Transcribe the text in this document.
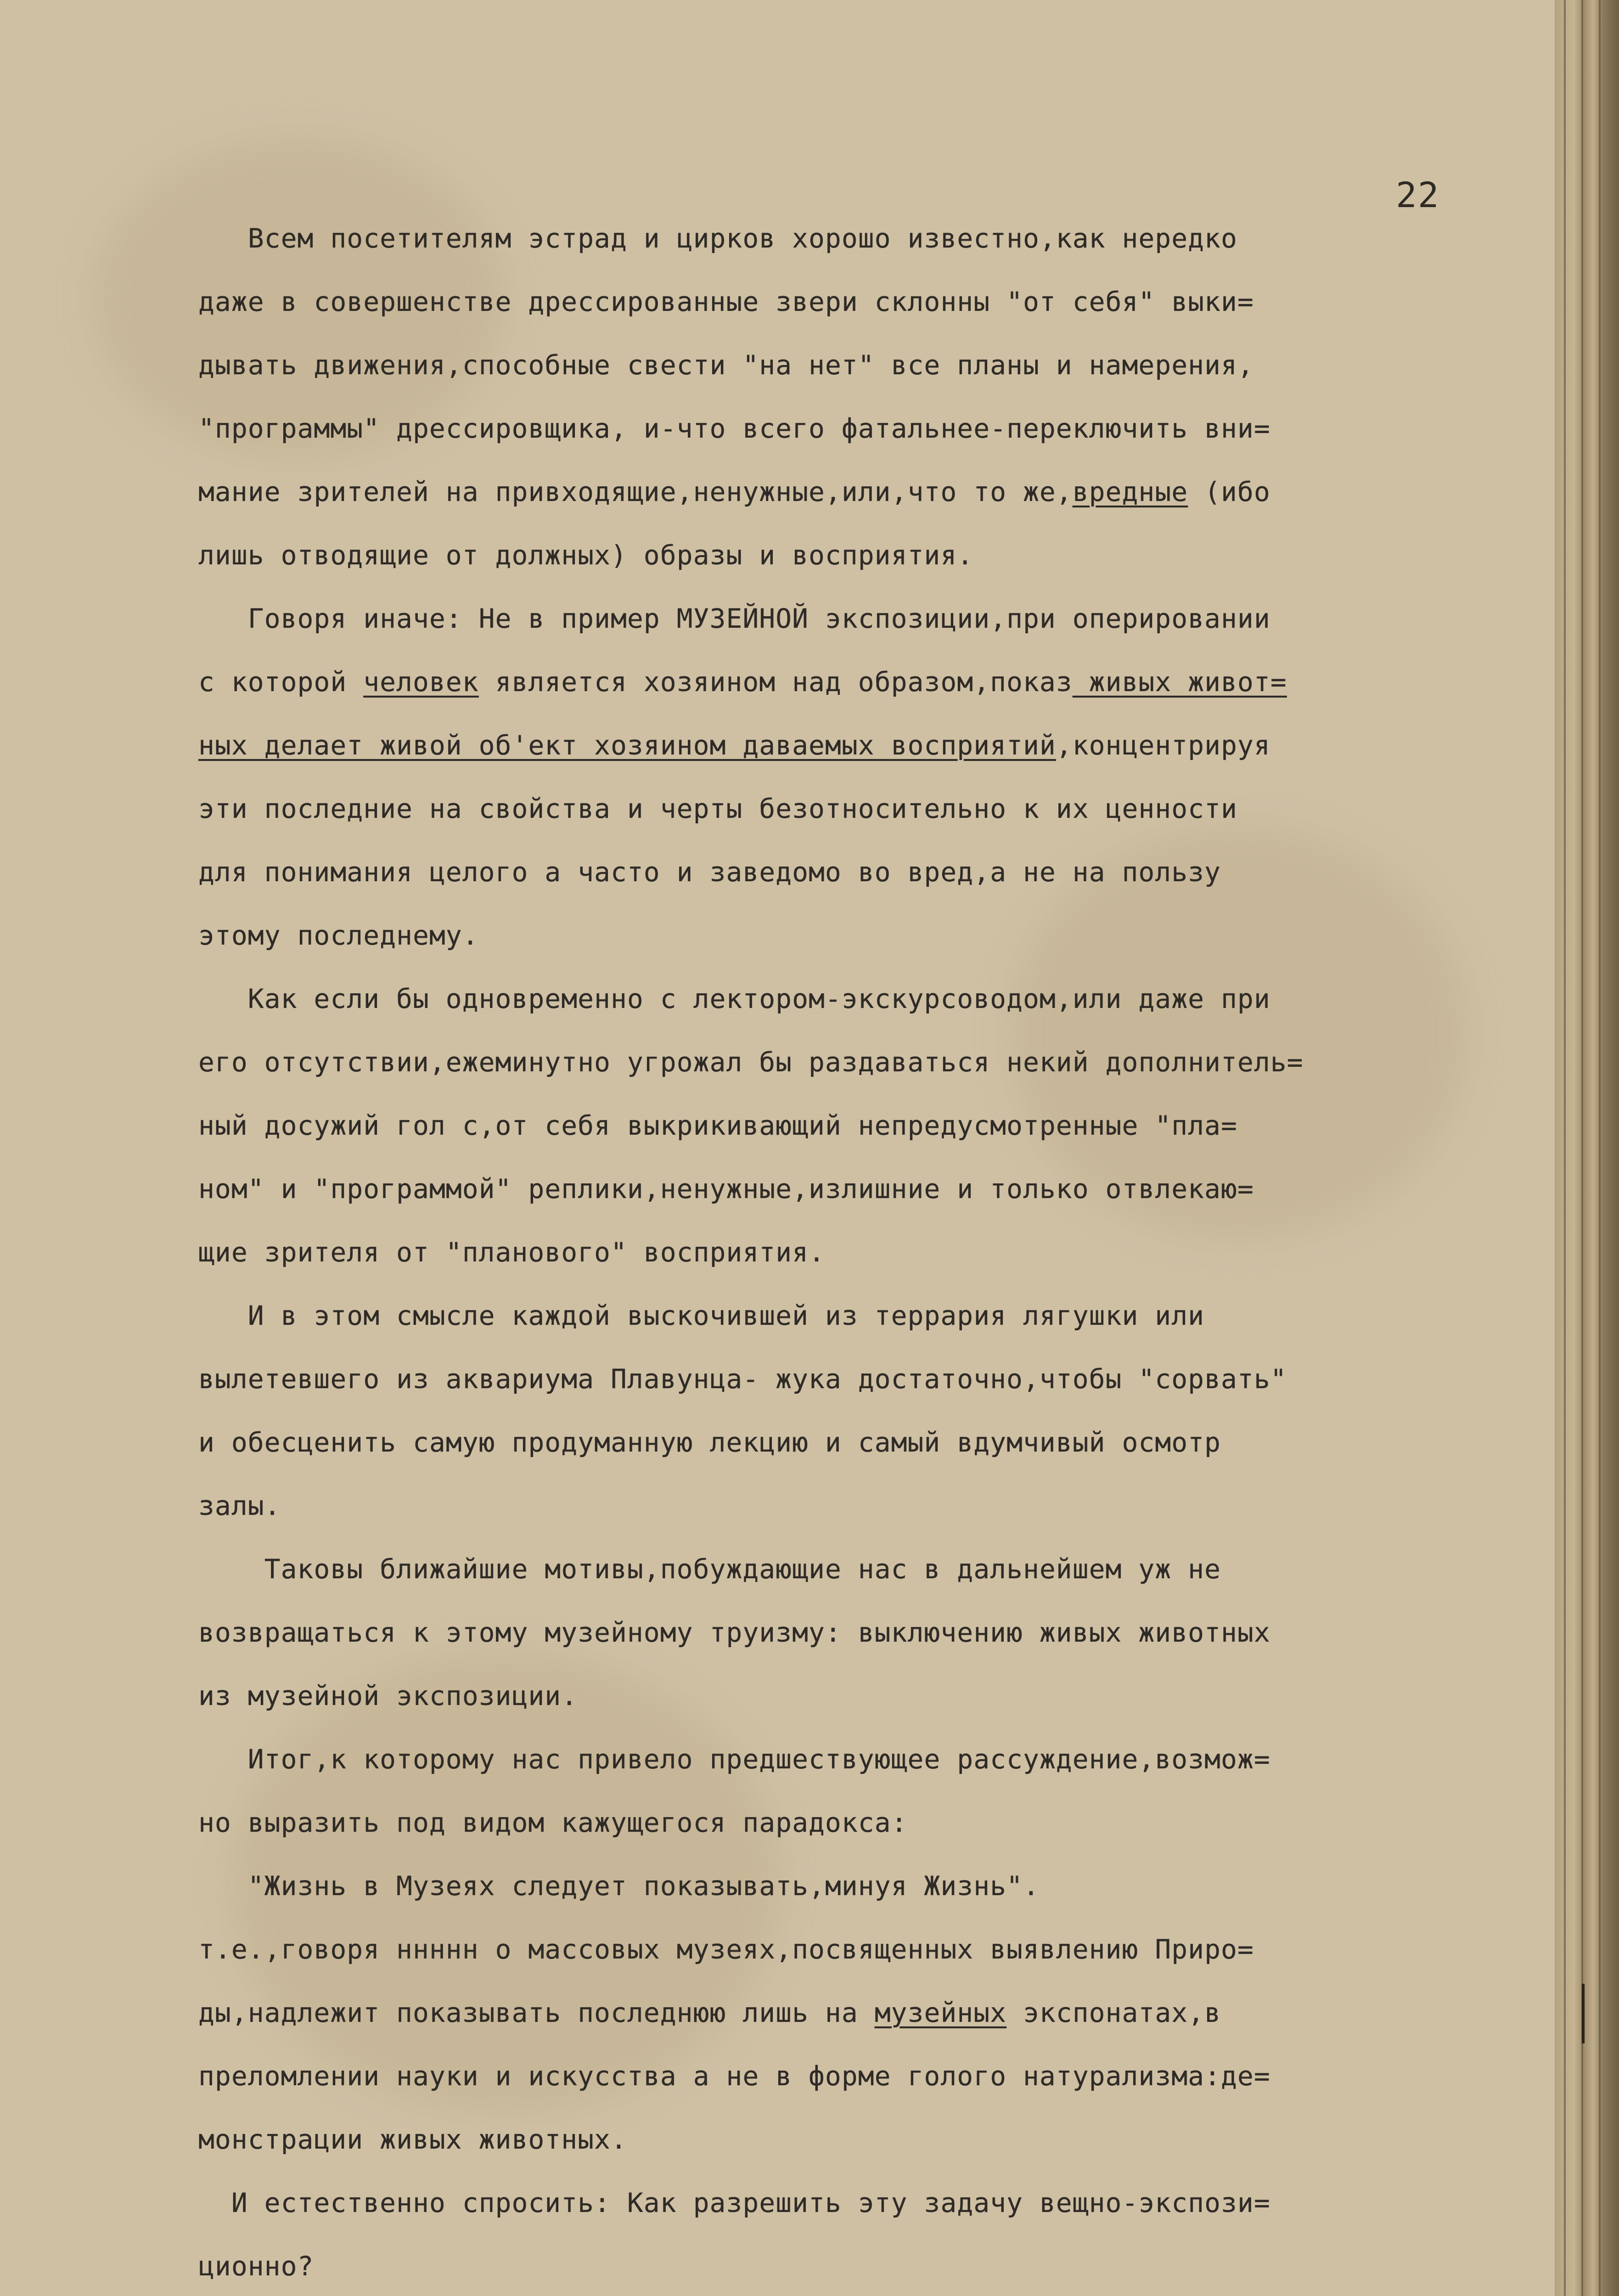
22
Всем посетителям эстрад и цирков хорошо известно,как нередко
даже в совершенстве дрессированные звери склонны "от себя" выки=
дывать движения,способные свести "на нет" все планы и намерения,
"программы" дрессировщика, и-что всего фатальнее-переключить вни=
мание зрителей на привходящие,ненужные,или,что то же,вредные (ибо
лишь отводящие от должных) образы и восприятия.
Говоря иначе: Не в пример МУЗЕЙНОЙ экспозиции,при оперировании
с которой человек является хозяином над образом,показ живых живот=
ных делает живой об'ект хозяином даваемых восприятий,концентрируя
эти последние на свойства и черты безотносительно к их ценности
для понимания целого а часто и заведомо во вред,а не на пользу
этому последнему.
Как если бы одновременно с лектором-экскурсоводом,или даже при
его отсутствии,ежеминутно угрожал бы раздаваться некий дополнитель=
ный досужий гол с,от себя выкрикивающий непредусмотренные "пла=
ном" и "программой" реплики,ненужные,излишние и только отвлекаю=
щие зрителя от "планового" восприятия.
И в этом смысле каждой выскочившей из террария лягушки или
вылетевшего из аквариума Плавунца- жука достаточно,чтобы "сорвать"
и обесценить самую продуманную лекцию и самый вдумчивый осмотр
залы.
Таковы ближайшие мотивы,побуждающие нас в дальнейшем уж не
возвращаться к этому музейному труизму: выключению живых животных
из музейной экспозиции.
Итог,к которому нас привело предшествующее рассуждение,возмож=
но выразить под видом кажущегося парадокса:
"Жизнь в Музеях следует показывать,минуя Жизнь".
т.е.,говоря ннннн о массовых музеях,посвященных выявлению Приро=
ды,надлежит показывать последнюю лишь на музейных экспонатах,в
преломлении науки и искусства а не в форме голого натурализма:де=
монстрации живых животных.
И естественно спросить: Как разрешить эту задачу вещно-экспози=
ционно?
